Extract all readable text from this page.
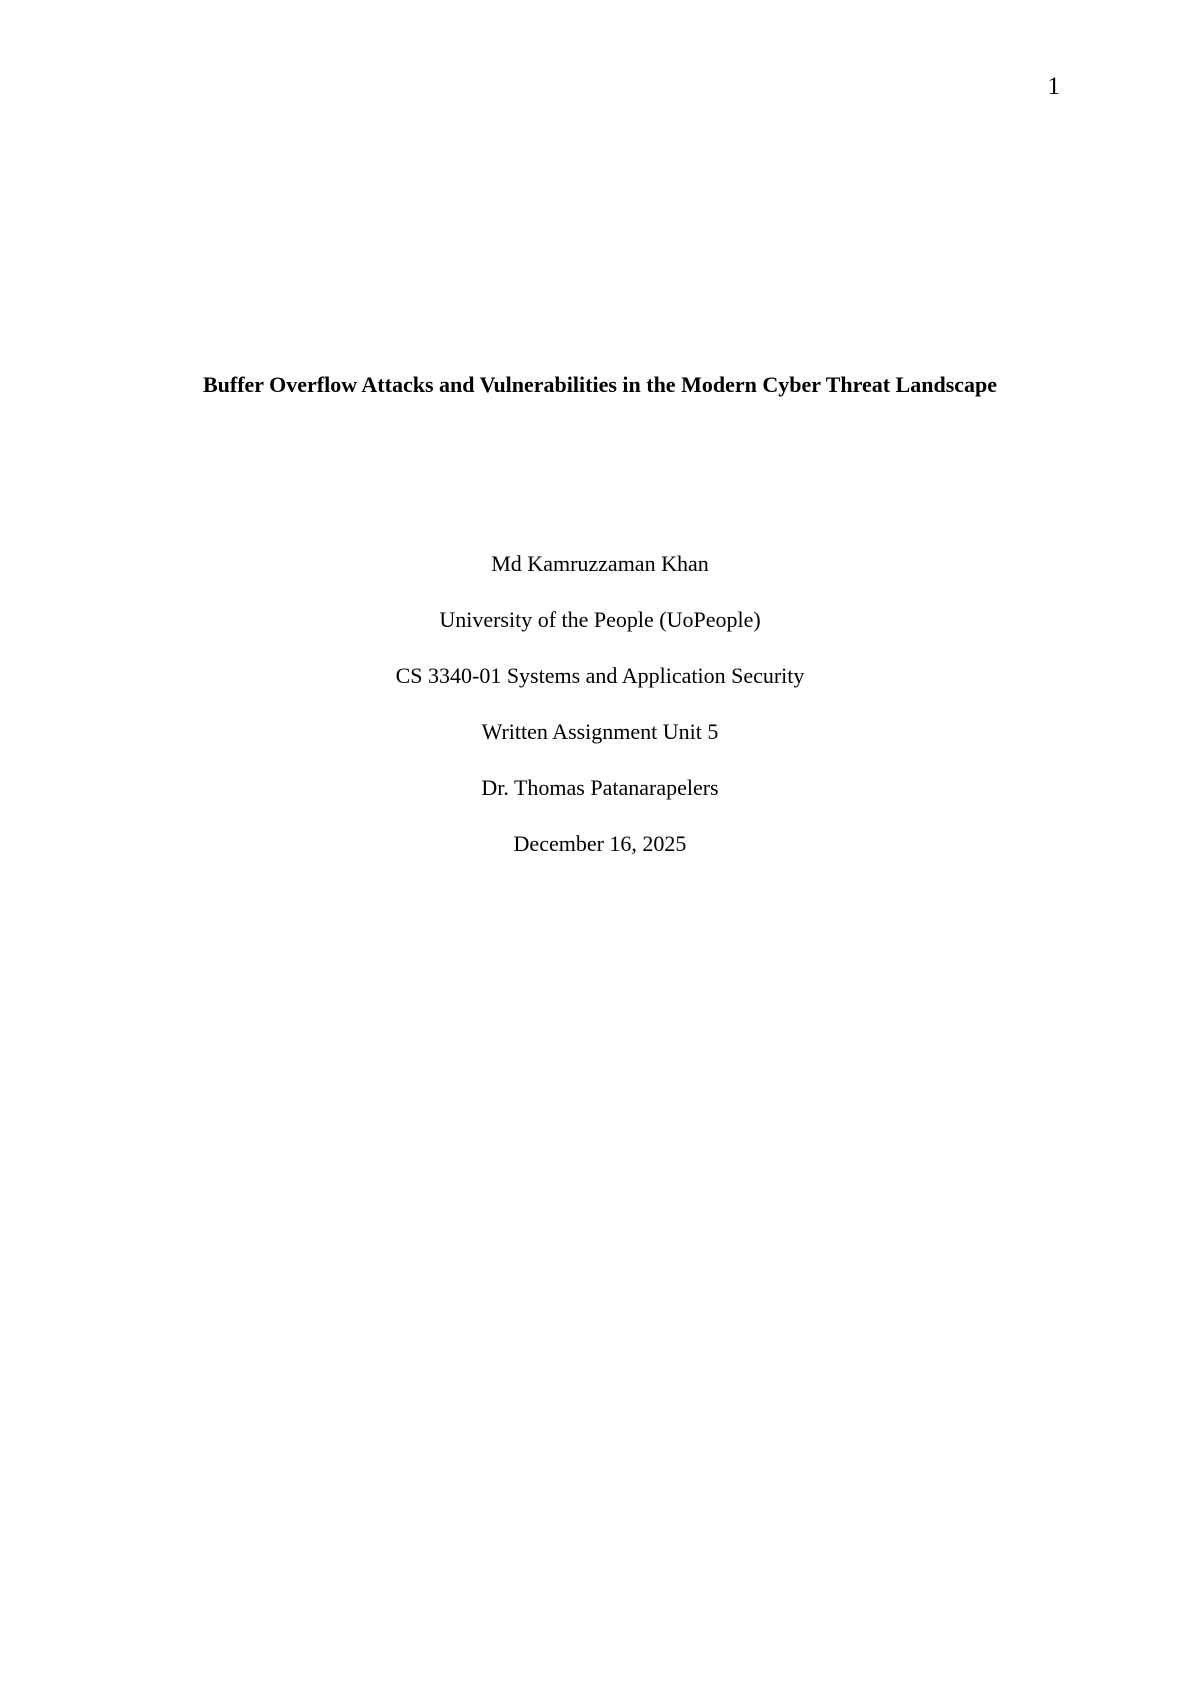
1
Buffer Overflow Attacks and Vulnerabilities in the Modern Cyber Threat Landscape
Md Kamruzzaman Khan
University of the People (UoPeople)
CS 3340-01 Systems and Application Security
Written Assignment Unit 5
Dr. Thomas Patanarapelers
December 16, 2025
